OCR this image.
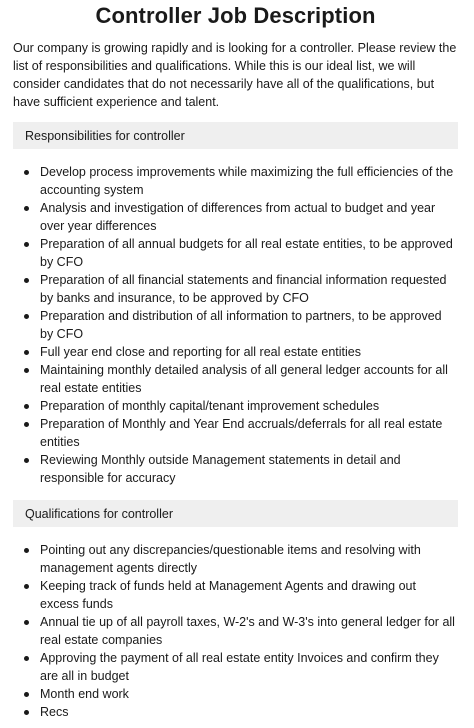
Controller Job Description

Our company is growing rapidly and is looking for a controller. Please review the list of responsibilities and qualifications. While this is our ideal list, we will consider candidates that do not necessarily have all of the qualifications, but have sufficient experience and talent.

Responsibilities for controller
Develop process improvements while maximizing the full efficiencies of the accounting system
Analysis and investigation of differences from actual to budget and year over year differences
Preparation of all annual budgets for all real estate entities, to be approved by CFO
Preparation of all financial statements and financial information requested by banks and insurance, to be approved by CFO
Preparation and distribution of all information to partners, to be approved by CFO
Full year end close and reporting for all real estate entities
Maintaining monthly detailed analysis of all general ledger accounts for all real estate entities
Preparation of monthly capital/tenant improvement schedules
Preparation of Monthly and Year End accruals/deferrals for all real estate entities
Reviewing Monthly outside Management statements in detail and responsible for accuracy
Qualifications for controller
Pointing out any discrepancies/questionable items and resolving with management agents directly
Keeping track of funds held at Management Agents and drawing out excess funds
Annual tie up of all payroll taxes, W-2's and W-3's into general ledger for all real estate companies
Approving the payment of all real estate entity Invoices and confirm they are all in budget
Month end work
Recs
